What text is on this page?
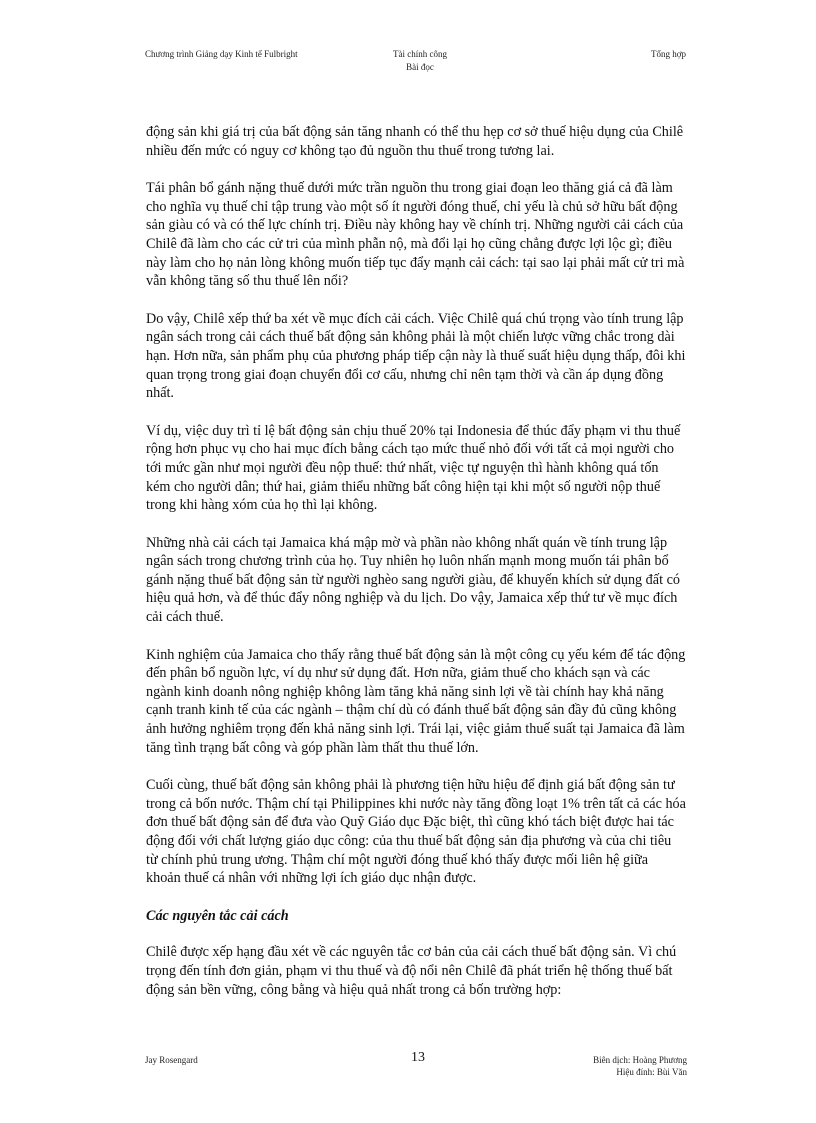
Chương trình Giảng dạy Kinh tế Fulbright	Tài chính công
Bài đọc
Tổng hợp

động sản khi giá trị của bất động sản tăng nhanh có thể thu hẹp cơ sở thuế hiệu dụng của Chilê nhiều đến mức có nguy cơ không tạo đủ nguồn thu thuế trong tương lai.

Tái phân bổ gánh nặng thuế dưới mức trần nguồn thu trong giai đoạn leo thăng giá cả đã làm cho nghĩa vụ thuế chỉ tập trung vào một số ít người đóng thuế, chỉ yếu là chủ sở hữu bất động sản giàu có và có thế lực chính trị. Điều này không hay về chính trị. Những người cải cách của Chilê đã làm cho các cử tri của mình phẫn nộ, mà đổi lại họ cũng chẳng được lợi lộc gì; điều này làm cho họ nản lòng không muốn tiếp tục đẩy mạnh cải cách: tại sao lại phải mất cử tri mà vẫn không tăng số thu thuế lên nổi?

Do vậy, Chilê xếp thứ ba xét về mục đích cải cách. Việc Chilê quá chú trọng vào tính trung lập ngân sách trong cải cách thuế bất động sản không phải là một chiến lược vững chắc trong dài hạn. Hơn nữa, sản phẩm phụ của phương pháp tiếp cận này là thuế suất hiệu dụng thấp, đôi khi quan trọng trong giai đoạn chuyển đổi cơ cấu, nhưng chỉ nên tạm thời và cần áp dụng đồng nhất.

Ví dụ, việc duy trì tỉ lệ bất động sản chịu thuế 20% tại Indonesia để thúc đẩy phạm vi thu thuế rộng hơn phục vụ cho hai mục đích bằng cách tạo mức thuế nhỏ đối với tất cả mọi người cho tới mức gần như mọi người đều nộp thuế: thứ nhất, việc tự nguyện thì hành không quá tốn kém cho người dân; thứ hai, giảm thiểu những bất công hiện tại khi một số người nộp thuế trong khi hàng xóm của họ thì lại không.

Những nhà cải cách tại Jamaica khá mập mờ và phần nào không nhất quán về tính trung lập ngân sách trong chương trình của họ. Tuy nhiên họ luôn nhấn mạnh mong muốn tái phân bổ gánh nặng thuế bất động sản từ người nghèo sang người giàu, để khuyến khích sử dụng đất có hiệu quả hơn, và để thúc đẩy nông nghiệp và du lịch. Do vậy, Jamaica xếp thứ tư về mục đích cải cách thuế.

Kinh nghiệm của Jamaica cho thấy rằng thuế bất động sản là một công cụ yếu kém để tác động đến phân bổ nguồn lực, ví dụ như sử dụng đất. Hơn nữa, giảm thuế cho khách sạn và các ngành kinh doanh nông nghiệp không làm tăng khả năng sinh lợi về tài chính hay khả năng cạnh tranh kinh tế của các ngành – thậm chí dù có đánh thuế bất động sản đầy đủ cũng không ảnh hưởng nghiêm trọng đến khả năng sinh lợi. Trái lại, việc giảm thuế suất tại Jamaica đã làm tăng tình trạng bất công và góp phần làm thất thu thuế lớn.

Cuối cùng, thuế bất động sản không phải là phương tiện hữu hiệu để định giá bất động sản tư trong cả bốn nước. Thậm chí tại Philippines khi nước này tăng đồng loạt 1% trên tất cả các hóa đơn thuế bất động sản để đưa vào Quỹ Giáo dục Đặc biệt, thì cũng khó tách biệt được hai tác động đối với chất lượng giáo dục công: của thu thuế bất động sản địa phương và của chi tiêu từ chính phủ trung ương. Thậm chí một người đóng thuế khó thấy được mối liên hệ giữa khoản thuế cá nhân với những lợi ích giáo dục nhận được.

Các nguyên tắc cải cách

Chilê được xếp hạng đầu xét về các nguyên tắc cơ bản của cải cách thuế bất động sản. Vì chú trọng đến tính đơn giản, phạm vi thu thuế và độ nổi nên Chilê đã phát triển hệ thống thuế bất động sản bền vững, công bằng và hiệu quả nhất trong cả bốn trường hợp:

Jay Rosengard	13	Biên dịch: Hoàng Phương
Hiệu đính: Bùi Văn
